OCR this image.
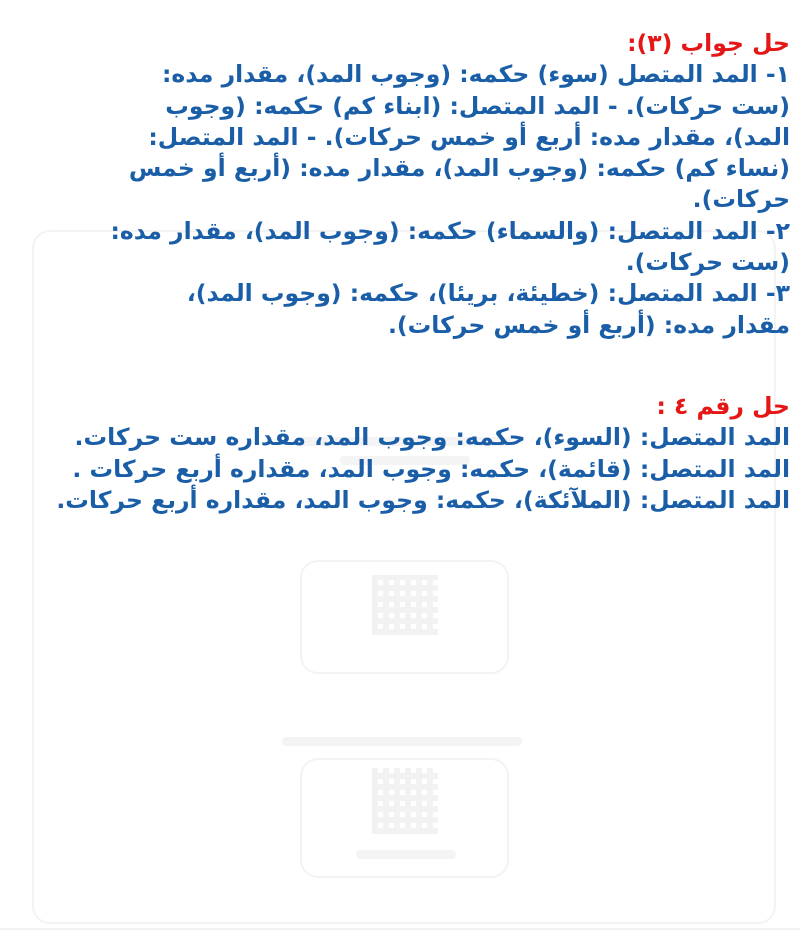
حل جواب (٣):

١- المد المتصل (سوء) حكمه: (وجوب المد)، مقدار مده:

(ست حركات). - المد المتصل: (ابناء كم) حكمه: (وجوب

المد)، مقدار مده: أربع أو خمس حركات). - المد المتصل:

(نساء كم) حكمه: (وجوب المد)، مقدار مده: (أربع أو خمس

حركات).

٢- المد المتصل: (والسماء) حكمه: (وجوب المد)، مقدار مده:

(ست حركات).

٣- المد المتصل: (خطيئة، بريئا)، حكمه: (وجوب المد)،

مقدار مده: (أربع أو خمس حركات).

حل رقم ٤ :

المد المتصل: (السوء)، حكمه: وجوب المد، مقداره ست حركات.

المد المتصل: (قائمة)، حكمه: وجوب المد، مقداره أربع حركات .

المد المتصل: (الملآئكة)، حكمه: وجوب المد، مقداره أربع حركات.
